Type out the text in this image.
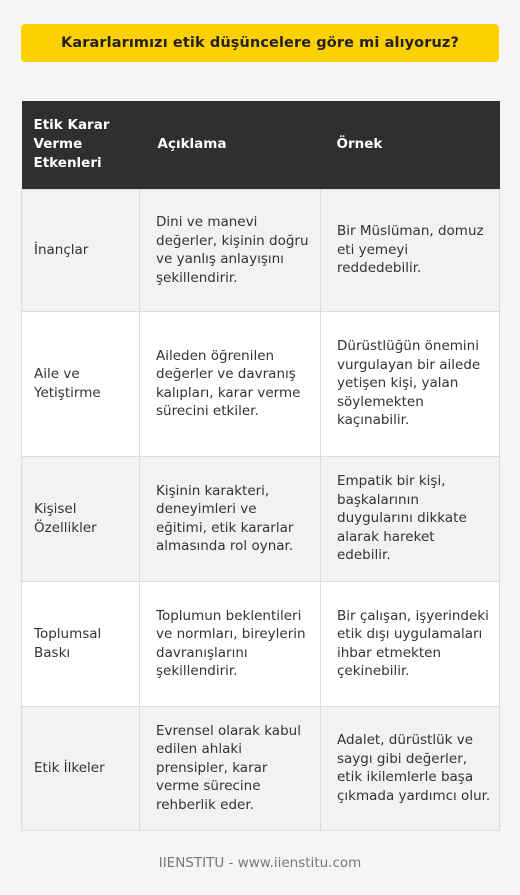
Kararlarımızı etik düşüncelere göre mi alıyoruz?
Etik Karar Verme Etkenleri	Açıklama	Örnek
İnançlar	Dini ve manevi değerler, kişinin doğru ve yanlış anlayışını şekillendirir.	Bir Müslüman, domuz eti yemeyi reddedebilir.
Aile ve Yetiştirme	Aileden öğrenilen değerler ve davranış kalıpları, karar verme sürecini etkiler.	Dürüstlüğün önemini vurgulayan bir ailede yetişen kişi, yalan söylemekten kaçınabilir.
Kişisel Özellikler	Kişinin karakteri, deneyimleri ve eğitimi, etik kararlar almasında rol oynar.	Empatik bir kişi, başkalarının duygularını dikkate alarak hareket edebilir.
Toplumsal Baskı	Toplumun beklentileri ve normları, bireylerin davranışlarını şekillendirir.	Bir çalışan, işyerindeki etik dışı uygulamaları ihbar etmekten çekinebilir.
Etik İlkeler	Evrensel olarak kabul edilen ahlaki prensipler, karar verme sürecine rehberlik eder.	Adalet, dürüstlük ve saygı gibi değerler, etik ikilemlerle başa çıkmada yardımcı olur.
IIENSTITU - www.iienstitu.com
